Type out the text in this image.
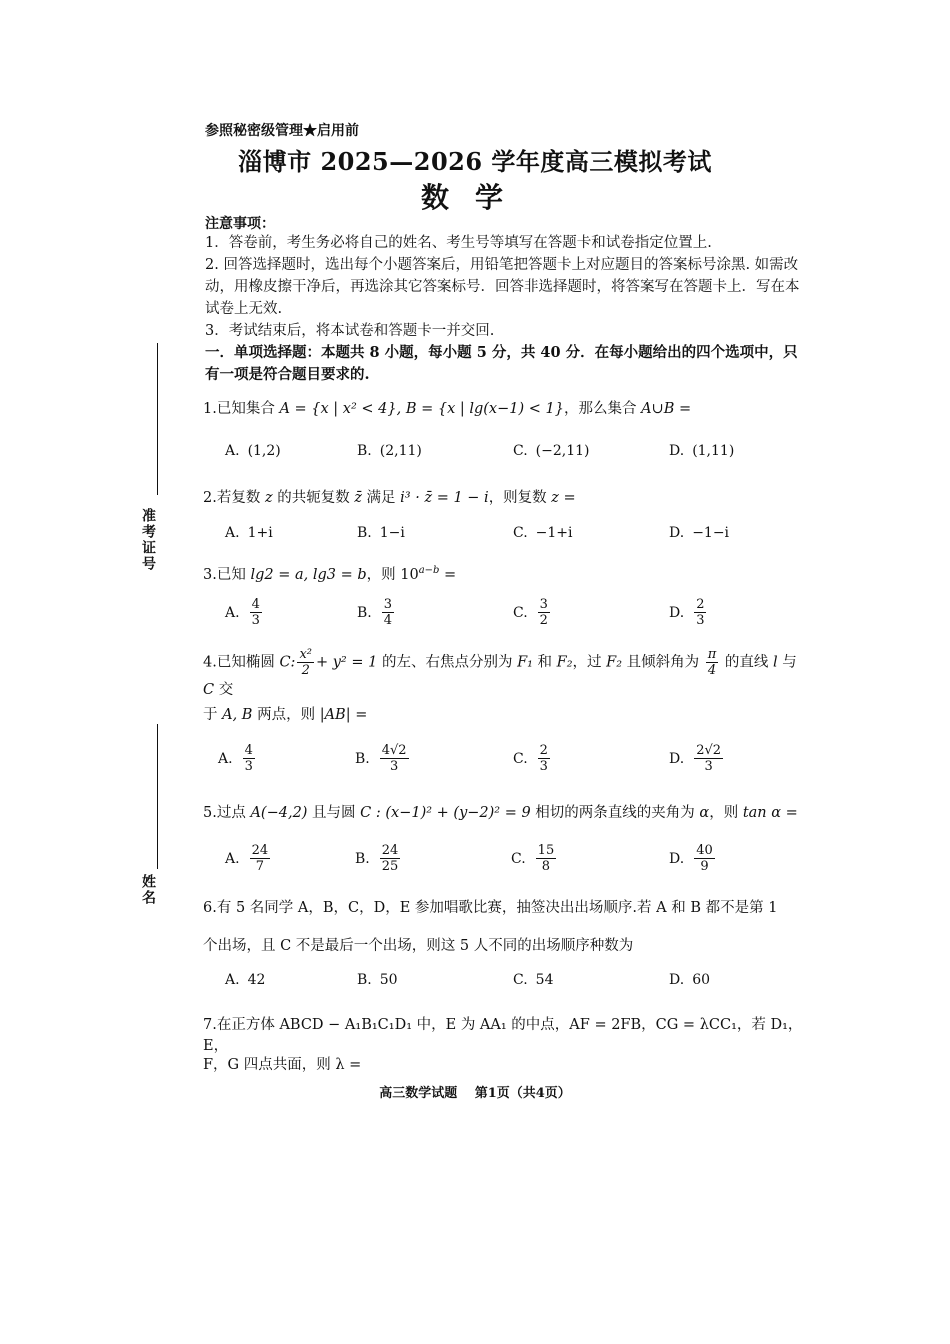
参照秘密级管理★启用前
淄博市 2025—2026 学年度高三模拟考试
数学
注意事项：
1．答卷前，考生务必将自己的姓名、考生号等填写在答题卡和试卷指定位置上.
2. 回答选择题时，选出每个小题答案后，用铅笔把答题卡上对应题目的答案标号涂黑. 如需改动，用橡皮擦干净后，再选涂其它答案标号．回答非选择题时，将答案写在答题卡上．写在本试卷上无效.
3．考试结束后，将本试卷和答题卡一并交回.
一．单项选择题：本题共 8 小题，每小题 5 分，共 40 分．在每小题给出的四个选项中，只有一项是符合题目要求的.
准考证号
姓名
1.已知集合 A = {x | x² < 4}, B = {x | lg(x−1) < 1}，那么集合 A∪B =
A. (1,2)	B. (2,11)	C. (−2,11)	D. (1,11)
2.若复数 z 的共轭复数 z̄ 满足 i³ · z̄ = 1 − i，则复数 z =
A. 1+i	B. 1−i	C. −1+i	D. −1−i
3.已知 lg2 = a, lg3 = b，则 $10^{a-b}$ =
A. $\frac{4}{3}$	B. $\frac{3}{4}$	C. $\frac{3}{2}$	D. $\frac{2}{3}$
4.已知椭圆 C: $\frac{\text{x²}}{2} + y^2 = 1$ 的左、右焦点分别为 F₁ 和 F₂，过 F₂ 且倾斜角为 $\frac{\pi}{4}$ 的直线 l 与 C 交
于 A, B 两点，则 |AB| =
A. $\frac{4}{3}$	B. $\frac{4√2}{3}$	C. $\frac{2}{3}$	D. $\frac{2√2}{3}$
5.过点 A(−4,2) 且与圆 C : (x−1)² + (y−2)² = 9 相切的两条直线的夹角为 α，则 tan α =
A. $\frac{24}{7}$	B. $\frac{24}{25}$	C. $\frac{15}{8}$	D. $\frac{40}{9}$
6.有 5 名同学 A，B，C，D，E 参加唱歌比赛，抽签决出出场顺序.若 A 和 B 都不是第 1
个出场，且 C 不是最后一个出场，则这 5 人不同的出场顺序种数为
A. 42	B. 50	C. 54	D. 60
7.在正方体 ABCD − A₁B₁C₁D₁ 中，E 为 AA₁ 的中点，AF = 2FB，CG = λCC₁，若 D₁，E，
F，G 四点共面，则 λ =
高三数学试题　 第1页（共4页）
